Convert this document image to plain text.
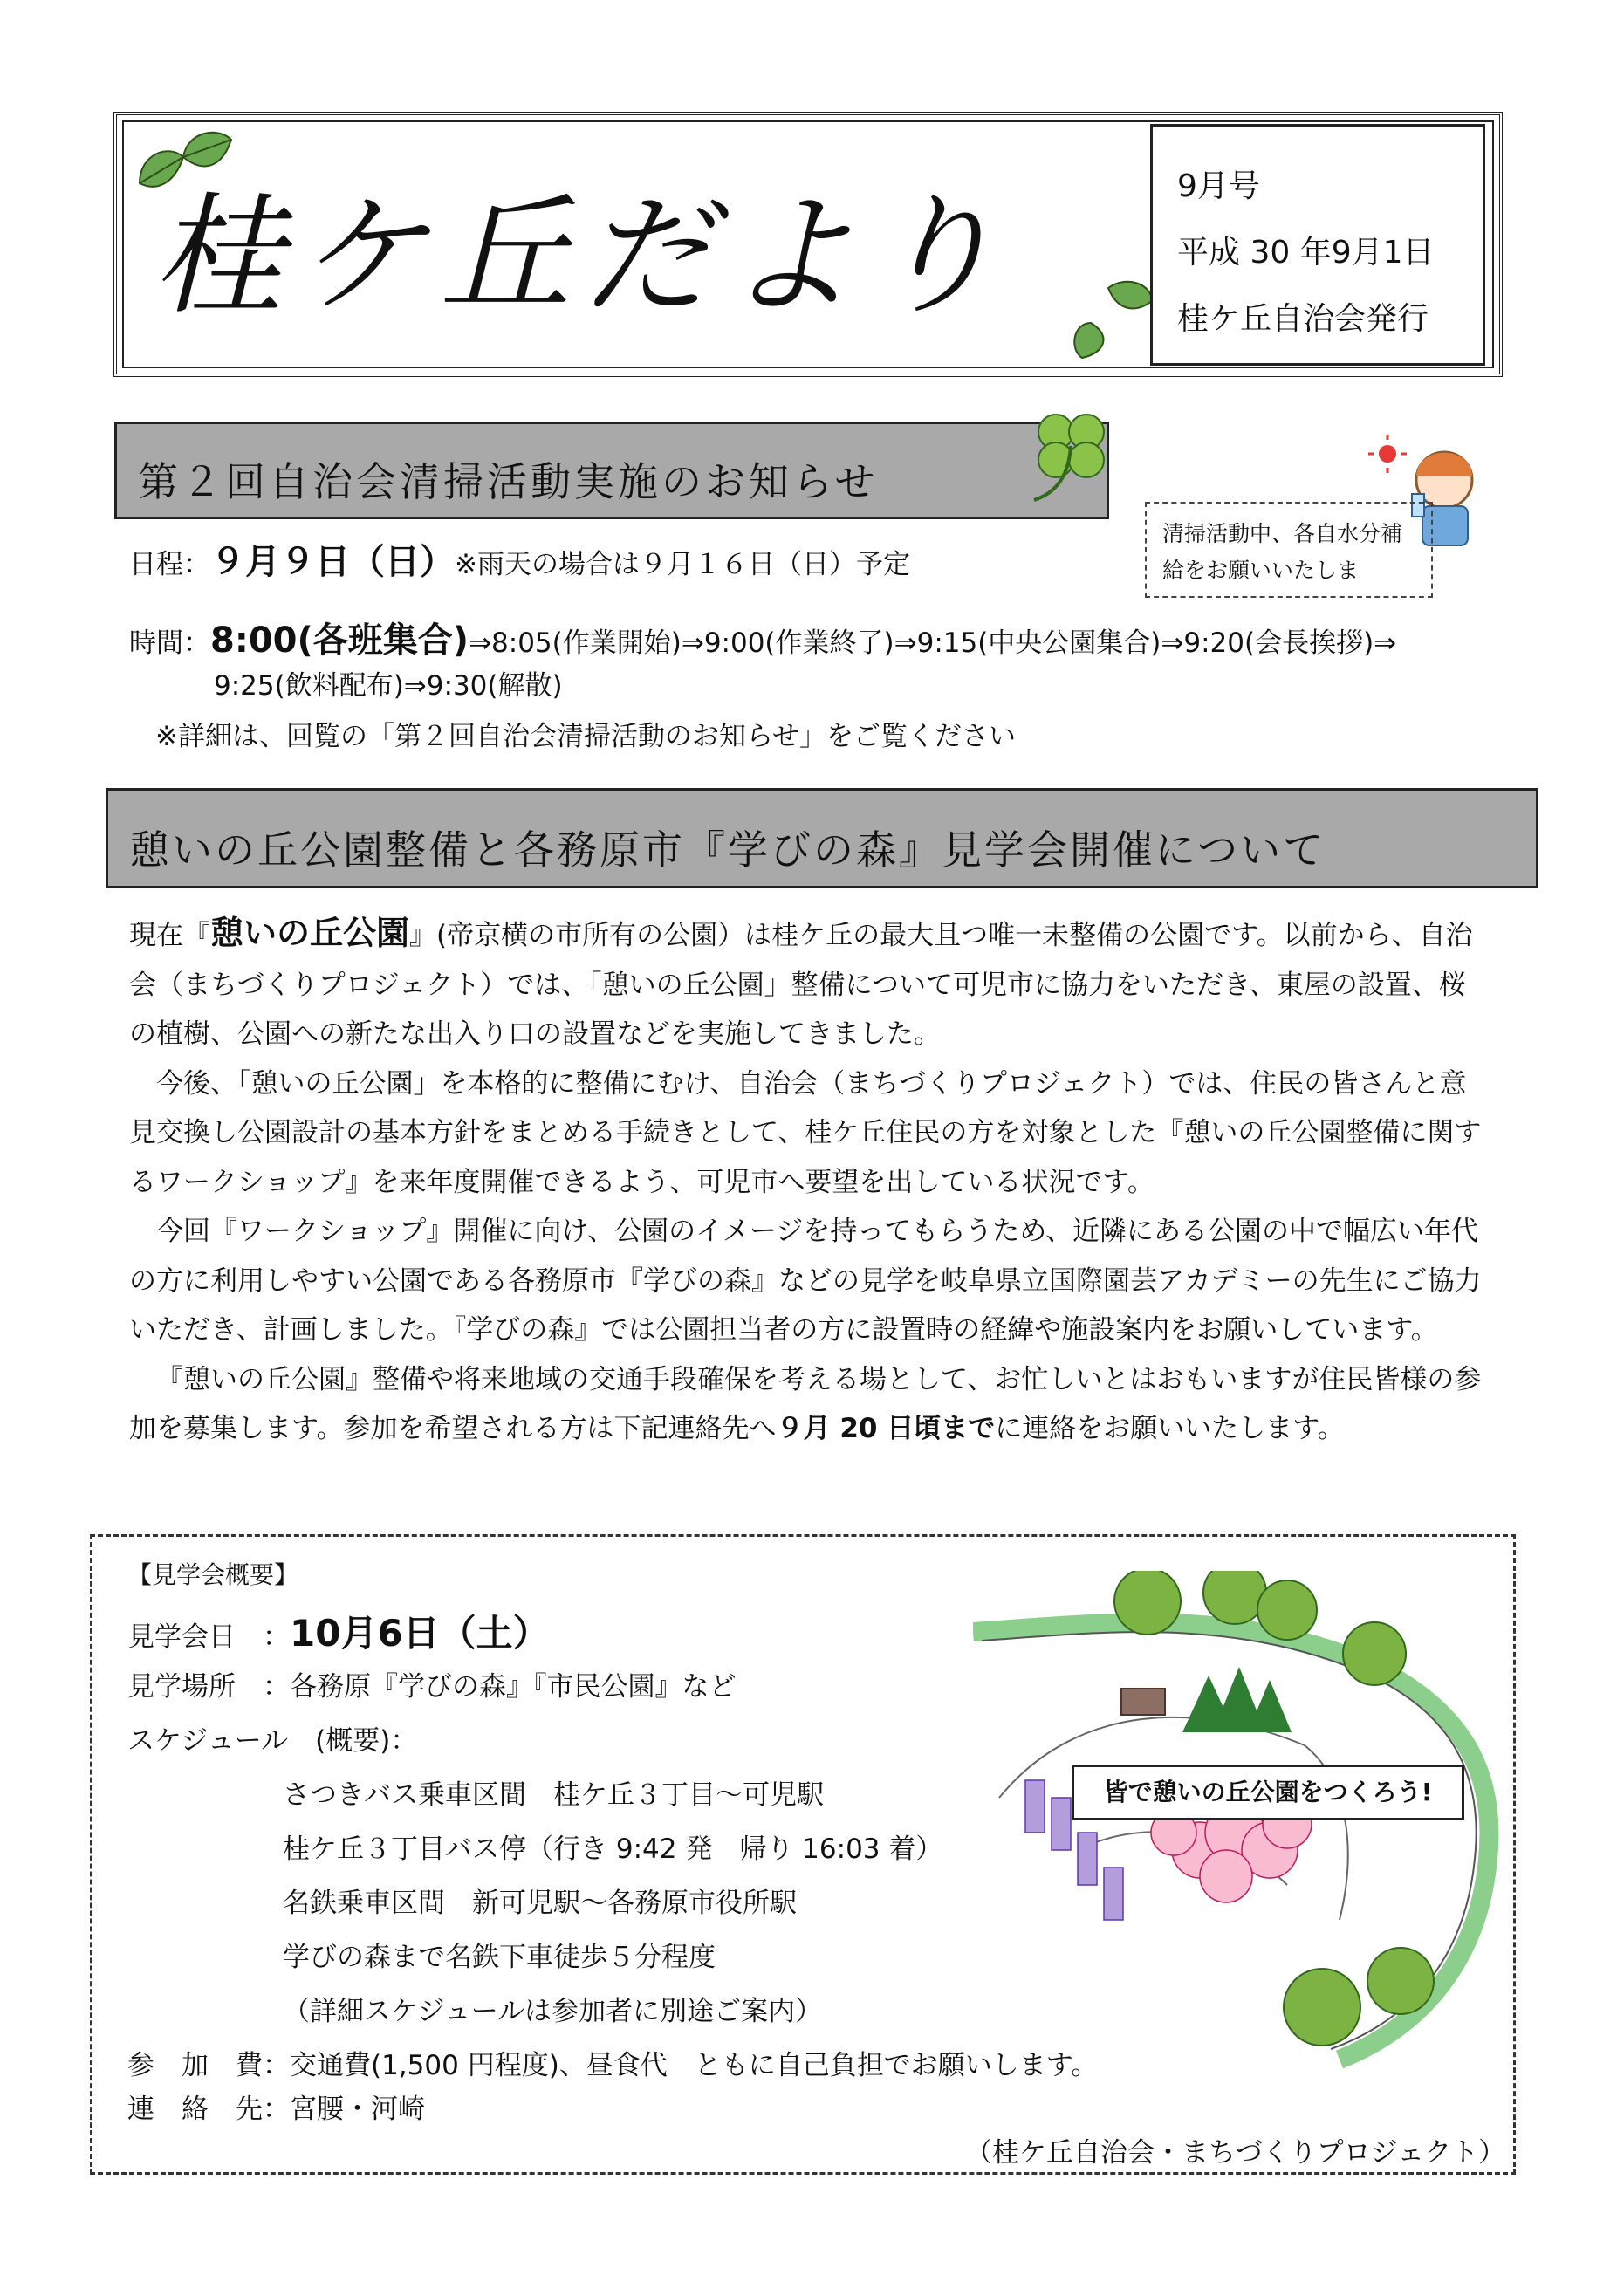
桂ケ丘だより	9月号
平成 30 年9月1日
桂ケ丘自治会発行
第２回自治会清掃活動実施のお知らせ
清掃活動中、各自水分補
給をお願いいたしま
日程：９月９日（日）※雨天の場合は９月１６日（日）予定
時間：8:00(各班集合)⇒8:05(作業開始)⇒9:00(作業終了)⇒9:15(中央公園集合)⇒9:20(会長挨拶)⇒
9:25(飲料配布)⇒9:30(解散)
※詳細は、回覧の「第２回自治会清掃活動のお知らせ」をご覧ください
憩いの丘公園整備と各務原市『学びの森』見学会開催について

現在『憩いの丘公園』(帝京横の市所有の公園）は桂ケ丘の最大且つ唯一未整備の公園です。以前から、自治会（まちづくりプロジェクト）では、「憩いの丘公園」整備について可児市に協力をいただき、東屋の設置、桜の植樹、公園への新たな出入り口の設置などを実施してきました。

今後、「憩いの丘公園」を本格的に整備にむけ、自治会（まちづくりプロジェクト）では、住民の皆さんと意見交換し公園設計の基本方針をまとめる手続きとして、桂ケ丘住民の方を対象とした『憩いの丘公園整備に関するワークショップ』を来年度開催できるよう、可児市へ要望を出している状況です。

今回『ワークショップ』開催に向け、公園のイメージを持ってもらうため、近隣にある公園の中で幅広い年代の方に利用しやすい公園である各務原市『学びの森』などの見学を岐阜県立国際園芸アカデミーの先生にご協力いただき、計画しました。『学びの森』では公園担当者の方に設置時の経緯や施設案内をお願いしています。

『憩いの丘公園』整備や将来地域の交通手段確保を考える場として、お忙しいとはおもいますが住民皆様の参加を募集します。参加を希望される方は下記連絡先へ９月 20 日頃までに連絡をお願いいたします。

【見学会概要】
見学会日　：10月6日（土）
見学場所　：各務原『学びの森』『市民公園』など
スケジュール　(概要)：
さつきバス乗車区間　桂ケ丘３丁目～可児駅
桂ケ丘３丁目バス停（行き 9:42 発　帰り 16:03 着）
名鉄乗車区間　新可児駅～各務原市役所駅
学びの森まで名鉄下車徒歩５分程度
（詳細スケジュールは参加者に別途ご案内）
参　加　費：交通費(1,500 円程度)、昼食代　ともに自己負担でお願いします。
連　絡　先：宮腰・河崎
（桂ケ丘自治会・まちづくりプロジェクト）
皆で憩いの丘公園をつくろう!
